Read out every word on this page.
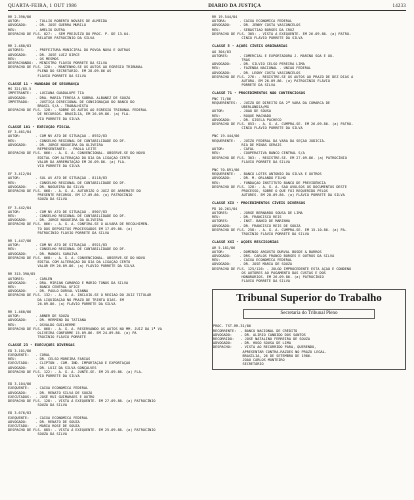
QUARTA-FEIRA, 1 OUT 1986	DIARIO DA JUSTIÇA	14233
RR 2.390/86
AUTOR:       - TULLIO ROBERTO NOVAES DE ALMEIDA
ADVOGADO:    - DR. JOSE GUERRA MURILO
RÉU:         - AMELIO DUTRA
DESPACHO DE FLS. 027: - SEM PREJUÍZO DO PROC. P. DE 13.04.
RELATOR PATROCÍNIO DA SILVA
RR 2.480/83
AUTORES:     - PREFEITURA MUNICIPAL DO POVOA NOVA E OUTRAS
ADVOGADO:    - DR. JOSÉ LUIZ DIRCE
RÉU:         - OS MESMOS
DESPACHANDO: - MINISTRO FLÁVIO PORRETE DA SILVA
DESPACHO DE FLS. 128: - MANTENHO-SE OS AUTOS AO EGRÉGIO TRIBUNAL
PLENO DO SECRETARIO. EM 28.09.86 AS
FLÁVIO PORRETE DA SILVA
CLASSE 11 - MANDADO DE SEGURANÇA
MS 321/85-5
IMPETRANTE:  - LUCIANA GUADALUPE TIA
ADVOGADO:    - DRA. MARIA TERESA A SOBRAL ALBANEZ DE SOUZA
IMPETRADO:   - JUSTIÇA DIRECIONAL DE CONSIGNAÇÃO DO BANCO DO
BRASIL S/A - TRABALHISTA
DESPACHO DE FLS. 128: - SOBRE OS AUTOS AO EGRÉGIO TRIBUNAL FEDERAL
DE RECURSOS. BRASÍLIA, EM 26.09.86. (a) FLA-
VIO PORRETE DA SILVA
CLASSE 101 - EXECUÇÃO FISCAL
EF 3.461/84
AUTOR:       - COM NV ATO DE SITUAÇÃO - 8932/83
RÉU:         - CONSELHO REGIONAL DE CONTABILIDADE DO DF.
ADVOGADO:    - DR. JORGE NOGUEIRA DA OLIVEIRA
REPRESENTANTE: - PAOLA LEITE
DESPACHO DE FLS. 066: - A. G. A. CONVENCIONAL. OBSERVE-SE DO NOVO
EDITAL COM ALTERAÇÃO DO DIA DA LIGAÇÃO CERTO
VALOR DA ARREMATAÇÃO EM 26.09.86. (a) FLA-
VIO PORRETE DA SILVA
EF 3.412/84
AUTOR:       - SUL AV ATO DE SITUAÇÃO - 8118/83
RÉU:         - CONSELHO REGIONAL DE CONTABILIDADE DO DF.
ADVOGADO:    - DR. NOGUEIRA DA SILVA
DESPACHO DE FLS. 068: - A. G. A. AUTORIZO O JUIZ DE ARREMATE DO
PRESENTE RECURSO. EM 17.09.86. (a) PATROCÍNIO
SOUZA DA SILVA
EF 3.442/84
AUTOR:       - COM NV ATO DE SITUAÇÃO - 8907/83
RÉU:         - CONSELHO REGIONAL DE CONTABILIDADE DO DF.
ADVOGADO:    - DR. JORGE NOGUEIRA DA OLIVEIRA
DESPACHO DE FLS. 066: - A. G. A. CONFIRA-SE O ALVARÁ DE RECOLHIMEN-
TO DOS DEPÓSITOS PROCESSADOS EM 17.09.86. (a)
PATROCÍNIO FLÁVIO PORRETE DA SILVA
RR 1.447/86
AUTOR:       - COM NV ATO DE SITUAÇÃO - 8921/83
RÉU:         - CONSELHO REGIONAL DE CONTABILIDADE DO DF.
ADVOGADO:    - DR. MANOEL SARAIVA
DESPACHO DE FLS. 068: - A. G. A. CONVENCIONAL. OBSERVE-SE DO NOVO
EDITAL COM ALTERAÇÃO DO DIA DA LIGAÇÃO CERTO
VALOR EM 26.09.86. (a) FLÁVIO PORRETE DA SILVA
RR 315.390/85
AUTORES:     - CARLEN
ADVOGADO:    - DRA. MIRIAN CAMARGO E MÁRIO TONOS DA SILVA
RÉU:         - BANCO CENTRAL UFICE
ADVOGADO:    - DR. PAULO DURVAL VIANNA
DESPACHO DE FLS. 132: - A. G. A. INCLUIU-SE O REGIÃO DO JUIZ TITULAR
DA LIQUIDAÇÃO NO PRAZO DE TRINTA DIAS. EM
26.09.86. (a) FLÁVIO PORRETE DA SILVA
RR 1.460/86
AUTOR:       - ABNER DE SOUZA
ADVOGADO:    - DR. HERMINO DA TATIANA
RÉU:         - OSVALDO GUILHERME
DESPACHO DE FLS. 068: - A. G. A. RESERVANDO OS AUTOS NO MM. JUIZ DA 1ª VA
OLIVEIRA CONFORME 15.09.86. EM 24.09.86. (a) PA
TROCÍNIO FLÁVIO PORRETE
CLASSE 23 - EXECUÇÕES DIVERSAS
ED 3.101/86
EXEQUENTE:   - CORAL
RÉU:         - DR. CELSO MOREIRA FARIAS
EXECUTADO:   - CLIPTON - COM. IND. IMPORTAÇÃO E EXPORTAÇÃO
ADVOGADO:    - DR. LUIZ DA SILVA GONÇALVES
DESPACHO DE FLS. 122: - A. G. A. JUNTE-SE. EM 25.09.86. (a) FLA-
VIO PORRETE DA SILVA
ED 3.104/86
EXEQUENTE:   - CAIXA ECONÔMICA FEDERAL
ADVOGADO:    - DR. RENATO SILVA DE SOUZA
EXECUTADOS:  - JOSÉ RUI GUIMARÃES E OUTRO
DESPACHO DE FLS. 128: - VISTA À EXEQUENTE. EM 27.09.86. (a) PATROCÍNIO
SOUZA DA SILVA
ED 3.676/83
EXEQUENTE:   - CAIXA ECONÔMICA FEDERAL
ADVOGADO:    - DR. RENATO DE SOUZA
EXECUTADO:   - MARIA ROSE DE SOUZA
DESPACHO DE FLS. 085: - VISTA À EXEQUENTE. EM 25.09.86. (a) PATROCÍNIO
SOUZA DA SILVA
RR 19.544/84
AUTORA:      - CAIXA ECONÔMICA FEDERAL
ADVOGADO:    - DR. JENNY COSTA VASCONCELOS
RÉU:         - SEBASTIÃO BORGES DA CRUZ
DESPACHO DE FLS. 305: - VISTA A EXEQUENTE. EM 26.09.86. (a) PATRO-
CÍNIO FLÁVIO PORRETE DA SILVA
CLASSE 5 - AÇÕES CÍVEIS ORDINÁRIAS
AO 304/83
AUTORES:     - COMERCIAL E EXPORTADORA J. MARINO SOA E OU-
TRAS
ADVOGADO:    - DR. SILVIO CELSO PEREIRA LIMA
RÉU:         - FAZENDA NACIONAL - UNIÃO FEDERAL
ADVOGADO:    - DR. LEONY COSTA VASCONCELOS
DESPACHO DE FLS. 276: - REGISTRE-SE OS AUTOS AO PRAZO DE DEZ DIAS A
AUTORA. EM 26.09.86. (a) PATROCÍNIO FLÁVIO
PORRETE DA SILVA
CLASSE 71 - PROCEDIMENTOS NÃO CONTENCIOSOS
PNC 71/86
REQUERENTES: - JUÍZO DE DIREITO DA 2ª VARA DA COMARCA DE
UBERLÂNDIA/MG
AUTOR:       - JOÃO DE SOUSA
RÉU:         - ROQUE MACHADO
ADVOGADO:    - DR. GISELA PACHECO
DESPACHO DE FLS. 053: - A. G. A. CUMPRA-SE. EM 26.09.86. (a) PATRO-
CÍNIO FLÁVIO PORRETE DA SILVA
PNC 19.444/86
REQUERENTE:  - JUÍZO FEDERAL DA VARA DA SEÇÃO JUDICIÁ-
RIA DE MINAS GERAIS
AUTOR:       - CAFAL
RÉU:         - COOPERATIVA BANCO CENTRAL S/A
DESPACHO DE FLS. 303: - REGISTRE-SE. EM 27.09.86. (a) PATROCÍNIO
FLÁVIO PORRETE DA SILVA
PNC 70.891/86
REQUERENTE:  - BANCO LOTES ANTONIO DA SILVA E OUTROS
ADVOGADO:    - DR. M. ORLANDO FILHO
RÉU:         - FUNDAÇÃO INSTITUTO BANCO DE PREVIDÊNCIA
DESPACHO DE FLS. 128: - A. G. A. SÃO AVULSOS OS DOCUMENTOS DESTE
PROCESSO, SOBRE O QUE FOI REQUERIDO PELOS
AUTORES. EM 28.09.86. (a) FLÁVIO PORRETE DA SILVA
CLASSE XIX - PROCEDIMENTOS CÍVEIS DIVERSOS
PD 10.261/84
AUTORES:     - JORGE BERNARDO SOUSA DE LIMA
RÉU:         - DR. FRANCISCO REIS
AUTORES:     - INST. BANCO DE MARINHA
ADVOGADO:    - DR. FRANCISCO REIS DE SOUZA
DESPACHO DE FLS. 258: - A. G. A. CUMPRA-SE. EM 15.10.86. (a) PA-
TROCÍNIO FLÁVIO PORRETE DA SILVA
CLASSE XXI - AÇÕES RESCISÓRIAS
AR 5.181/86
AUTOR:       - DOMINGO ARGUSTO DURVAL BOSDE & BARROS
ADVOGADO:    - DRS. CARLOS FRANCO BORGES E OUTROS DA SILVA
RÉU:         - CAIXA ECONÔMICA FEDERAL
ADVOGADO:    - DR. JOSÉ MARIA DE SOUZA
DESPACHO DE FLS. 125/126: - JULGO IMPROCEDENTE ESTA AÇÃO E CONDENO
OS AUTORES AO PAGAMENTO DAS CUSTAS E DOS
HONORÁRIOS. EM 26.09.86. (a) PATROCÍNIO
FLÁVIO PORRETE DA SILVA
Tribunal Superior do Trabalho
Secretaria do Tribunal Pleno
PROC. TST-RR-31/86
RECORRENTE:  - BANCO NACIONAL DE CRÉDITO
ADVOGADO:    - DR. ALIRIO CANDIDO DOS SANTOS
RECORRIDO:   - JOSÉ NATALINO FERREIRA DE SOUZA
ADVOGADO:    - DR. HUGO SOUSA DE LIMA
DESPACHO:    - VISTA AO RECORRIDO PARA, QUERENDO,
APRESENTAR CONTRA-RAZÕES NO PRAZO LEGAL.
BRASÍLIA, 26 DE SETEMBRO DE 1986.
JOÃO CARLOS MONTEIRO
SECRETÁRIO
